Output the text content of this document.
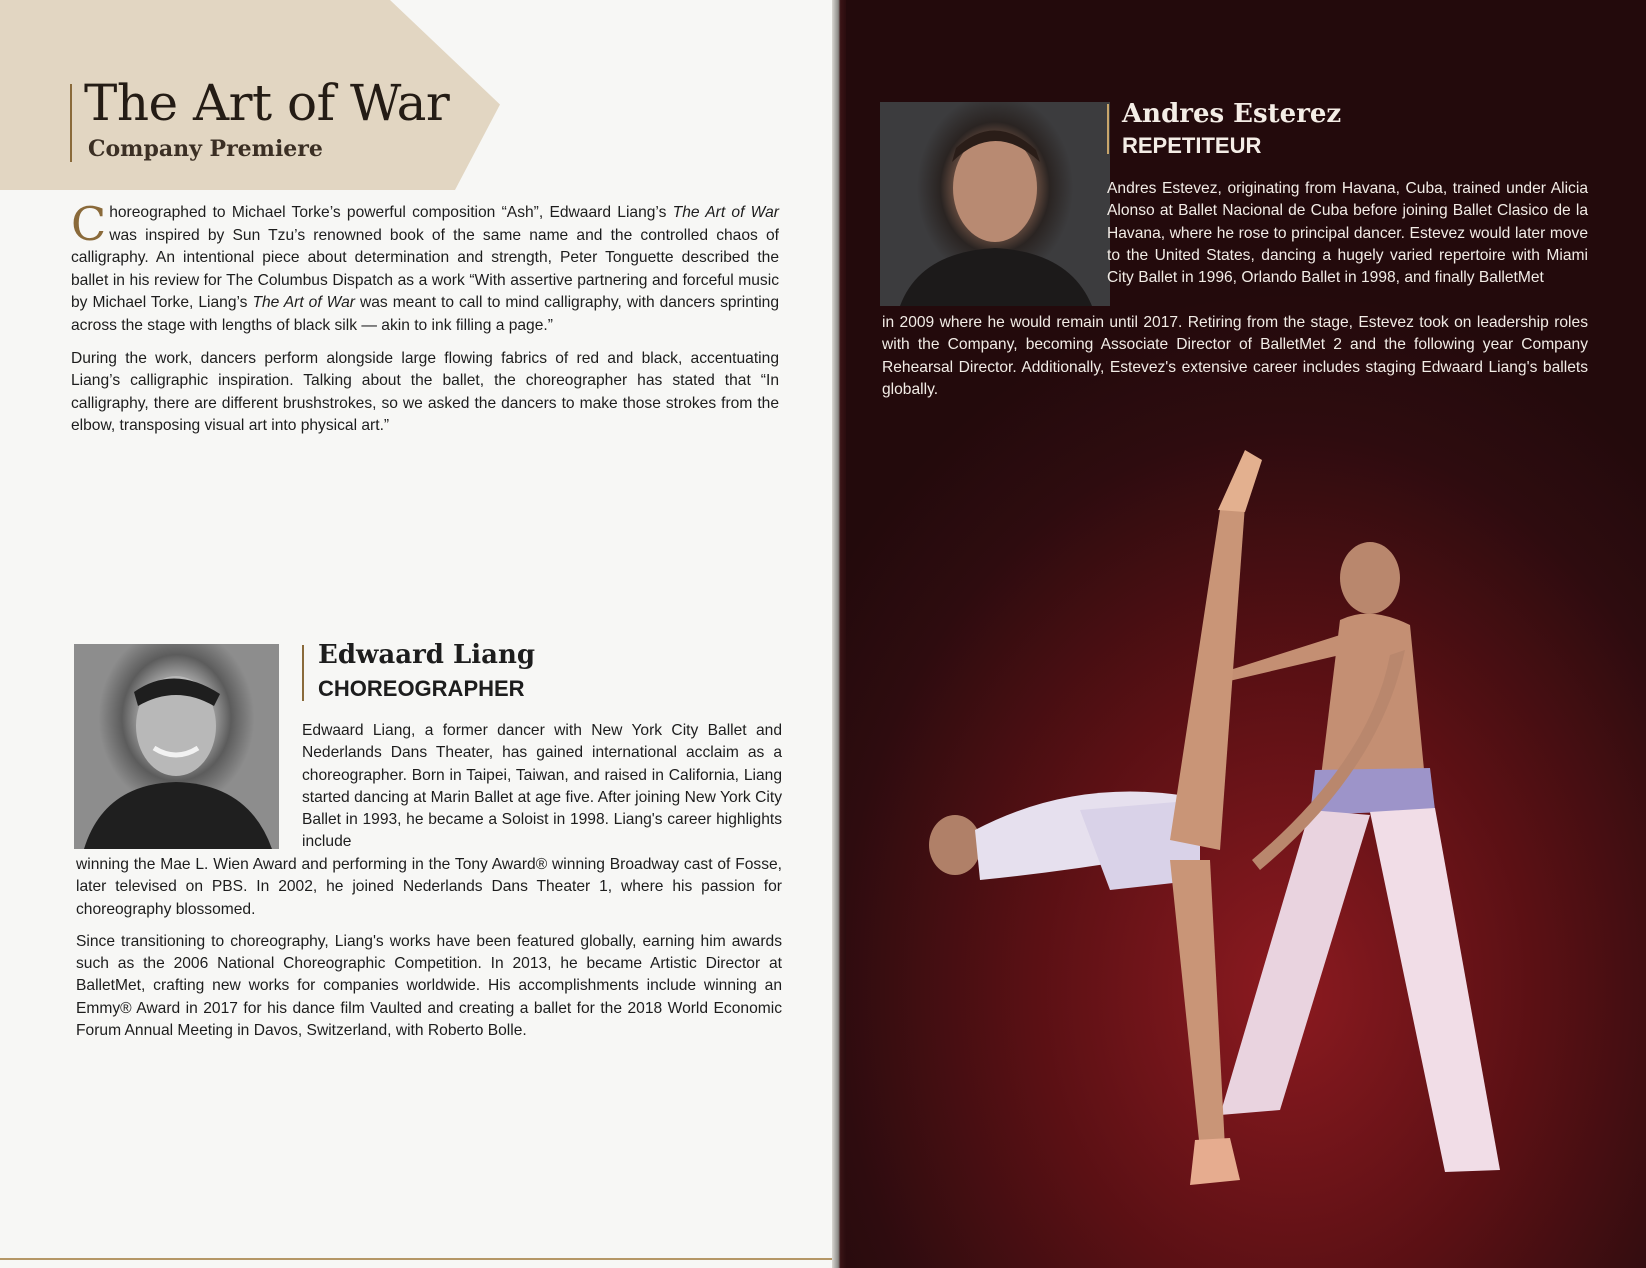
The Art of War
Company Premiere

Choreographed to Michael Torke’s powerful composition “Ash”, Edwaard Liang’s The Art of War was inspired by Sun Tzu’s renowned book of the same name and the controlled chaos of calligraphy. An intentional piece about determination and strength, Peter Tonguette described the ballet in his review for The Columbus Dispatch as a work “With assertive partnering and forceful music by Michael Torke, Liang’s The Art of War was meant to call to mind calligraphy, with dancers sprinting across the stage with lengths of black silk — akin to ink filling a page.”

During the work, dancers perform alongside large flowing fabrics of red and black, accentuating Liang’s calligraphic inspiration. Talking about the ballet, the choreographer has stated that “In calligraphy, there are different brushstrokes, so we asked the dancers to make those strokes from the elbow, transposing visual art into physical art.”

Edwaard Liang
CHOREOGRAPHER

Edwaard Liang, a former dancer with New York City Ballet and Nederlands Dans Theater, has gained international acclaim as a choreographer. Born in Taipei, Taiwan, and raised in California, Liang started dancing at Marin Ballet at age five. After joining New York City Ballet in 1993, he became a Soloist in 1998. Liang's career highlights include

winning the Mae L. Wien Award and performing in the Tony Award® winning Broadway cast of Fosse, later televised on PBS. In 2002, he joined Nederlands Dans Theater 1, where his passion for choreography blossomed.

Since transitioning to choreography, Liang's works have been featured globally, earning him awards such as the 2006 National Choreographic Competition. In 2013, he became Artistic Director at BalletMet, crafting new works for companies worldwide. His accomplishments include winning an Emmy® Award in 2017 for his dance film Vaulted and creating a ballet for the 2018 World Economic Forum Annual Meeting in Davos, Switzerland, with Roberto Bolle.

Andres Esterez
REPETITEUR

Andres Estevez, originating from Havana, Cuba, trained under Alicia Alonso at Ballet Nacional de Cuba before joining Ballet Clasico de la Havana, where he rose to principal dancer. Estevez would later move to the United States, dancing a hugely varied repertoire with Miami City Ballet in 1996, Orlando Ballet in 1998, and finally BalletMet

in 2009 where he would remain until 2017. Retiring from the stage, Estevez took on leadership roles with the Company, becoming Associate Director of BalletMet 2 and the following year Company Rehearsal Director. Additionally, Estevez's extensive career includes staging Edwaard Liang's ballets globally.
